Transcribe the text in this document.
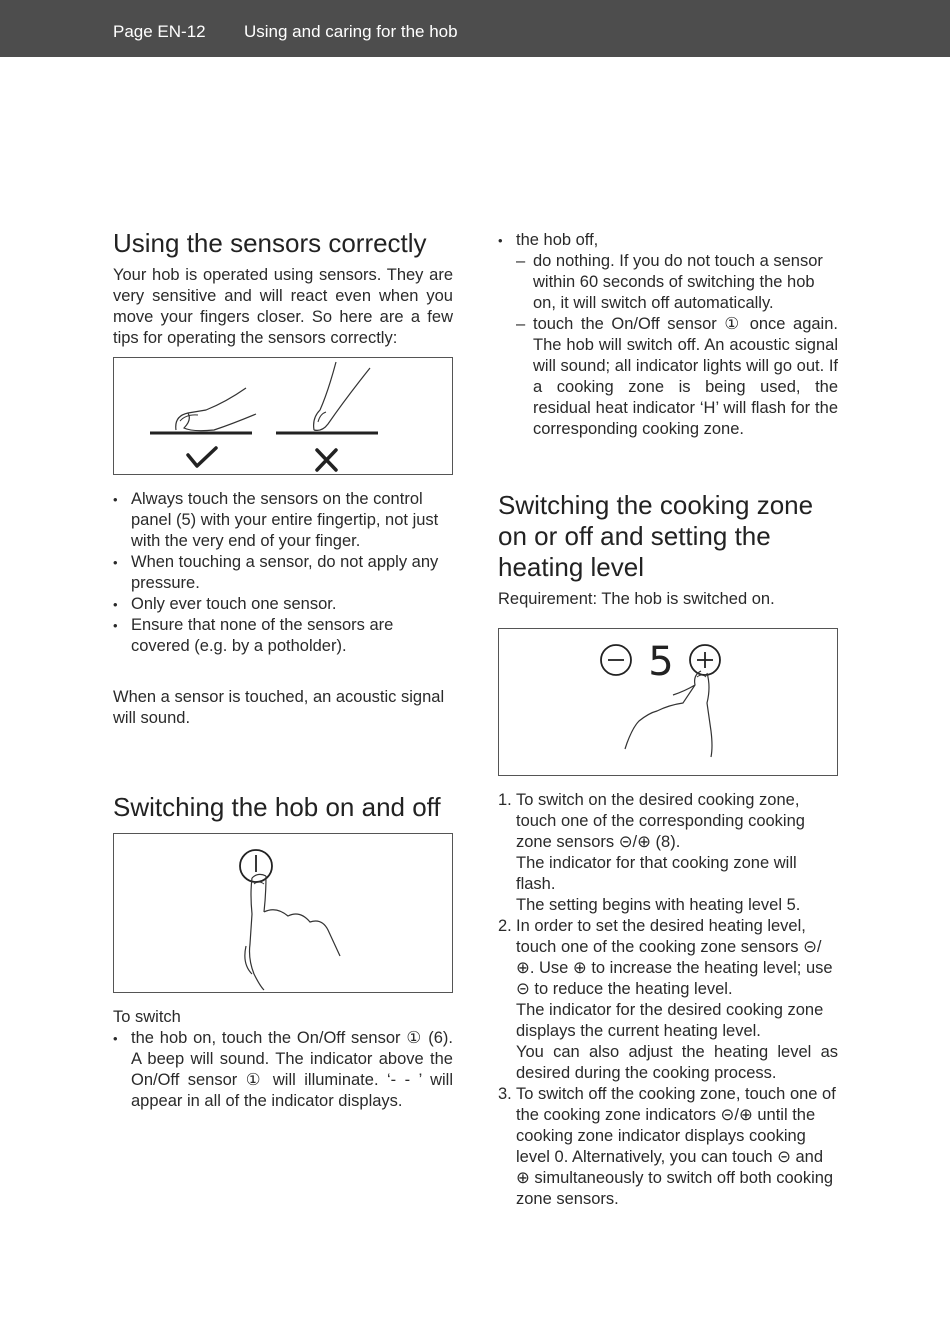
Page EN-12 Using and caring for the hob
Using the sensors correctly

Your hob is operated using sensors. They are very sensitive and will react even when you move your fingers closer. So here are a few tips for operating the sensors correctly:

• Always touch the sensors on the control panel (5) with your entire fingertip, not just with the very end of your finger.
• When touching a sensor, do not apply any pressure.
• Only ever touch one sensor.
• Ensure that none of the sensors are covered (e.g. by a potholder).

When a sensor is touched, an acoustic signal will sound.

Switching the hob on and off

To switch

• the hob on, touch the On/Off sensor ① (6). A beep will sound. The indicator above the On/Off sensor ① will illuminate. ‘- - ’ will appear in all of the indicator displays.
• the hob off,
– do nothing. If you do not touch a sensor within 60 seconds of switching the hob on, it will switch off automatically.
– touch the On/Off sensor ① once again. The hob will switch off. An acoustic signal will sound; all indicator lights will go out. If a cooking zone is being used, the residual heat indicator ‘H’ will flash for the corresponding cooking zone.
Switching the cooking zone on or off and setting the heating level

Requirement: The hob is switched on.

5
1. To switch on the desired cooking zone, touch one of the corresponding cooking zone sensors ⊝/⊕ (8).
The indicator for that cooking zone will flash.
The setting begins with heating level 5.
2. In order to set the desired heating level, touch one of the cooking zone sensors ⊝/⊕. Use ⊕ to increase the heating level; use ⊝ to reduce the heating level.
The indicator for the desired cooking zone displays the current heating level.
You can also adjust the heating level as desired during the cooking process.
3. To switch off the cooking zone, touch one of the cooking zone indicators ⊝/⊕ until the cooking zone indicator displays cooking level 0. Alternatively, you can touch ⊝ and ⊕ simultaneously to switch off both cooking zone sensors.
